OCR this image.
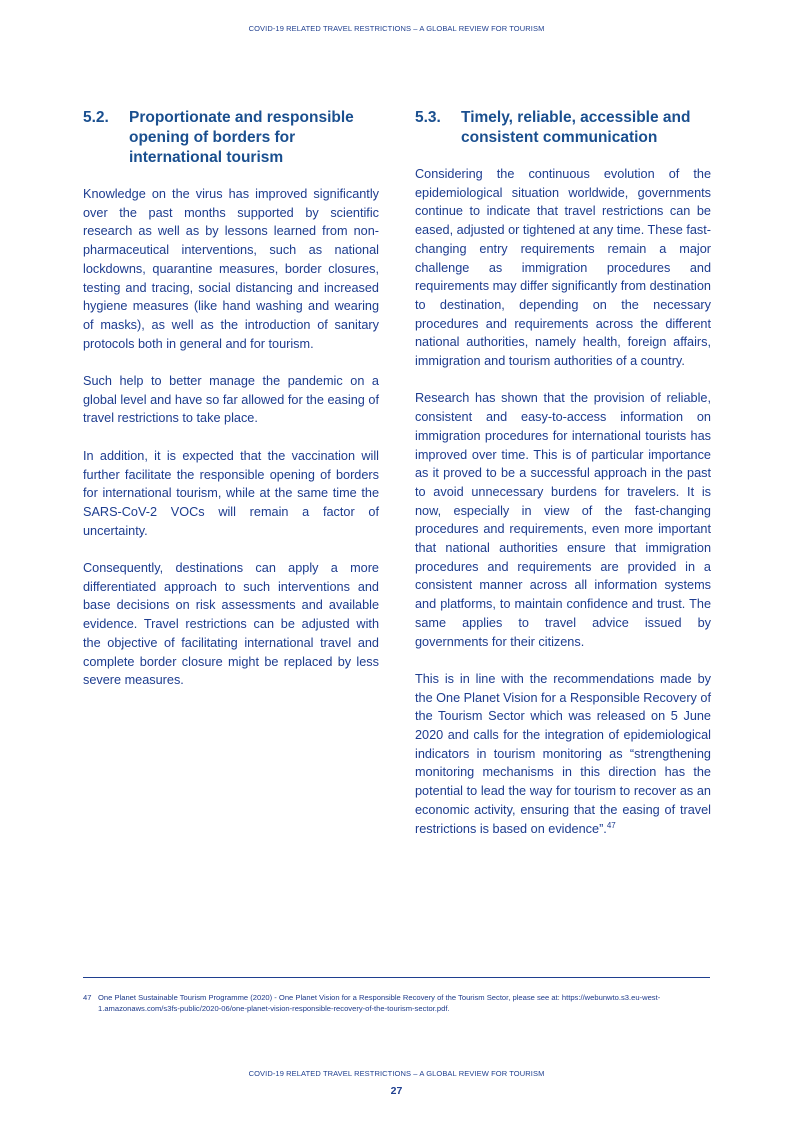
COVID-19 RELATED TRAVEL RESTRICTIONS – A GLOBAL REVIEW FOR TOURISM
5.2.	Proportionate and responsible opening of borders for international tourism

Knowledge on the virus has improved significantly over the past months supported by scientific research as well as by lessons learned from non-pharmaceutical interventions, such as national lockdowns, quarantine measures, border closures, testing and tracing, social distancing and increased hygiene measures (like hand washing and wearing of masks), as well as the introduction of sanitary protocols both in general and for tourism.

Such help to better manage the pandemic on a global level and have so far allowed for the easing of travel restrictions to take place.

In addition, it is expected that the vaccination will further facilitate the responsible opening of borders for international tourism, while at the same time the SARS-CoV-2 VOCs will remain a factor of uncertainty.

Consequently, destinations can apply a more differentiated approach to such interventions and base decisions on risk assessments and available evidence. Travel restrictions can be adjusted with the objective of facilitating international travel and complete border closure might be replaced by less severe measures.

5.3.	Timely, reliable, accessible and consistent communication

Considering the continuous evolution of the epidemiological situation worldwide, governments continue to indicate that travel restrictions can be eased, adjusted or tightened at any time. These fast-changing entry requirements remain a major challenge as immigration procedures and requirements may differ significantly from destination to destination, depending on the necessary procedures and requirements across the different national authorities, namely health, foreign affairs, immigration and tourism authorities of a country.

Research has shown that the provision of reliable, consistent and easy-to-access information on immigration procedures for international tourists has improved over time. This is of particular importance as it proved to be a successful approach in the past to avoid unnecessary burdens for travelers. It is now, especially in view of the fast-changing procedures and requirements, even more important that national authorities ensure that immigration procedures and requirements are provided in a consistent manner across all information systems and platforms, to maintain confidence and trust. The same applies to travel advice issued by governments for their citizens.

This is in line with the recommendations made by the One Planet Vision for a Responsible Recovery of the Tourism Sector which was released on 5 June 2020 and calls for the integration of epidemiological indicators in tourism monitoring as “strengthening monitoring mechanisms in this direction has the potential to lead the way for tourism to recover as an economic activity, ensuring that the easing of travel restrictions is based on evidence”.$^{47}$

47 One Planet Sustainable Tourism Programme (2020) - One Planet Vision for a Responsible Recovery of the Tourism Sector, please see at: https://webunwto.s3.eu-west-1.amazonaws.com/s3fs-public/2020-06/one-planet-vision-responsible-recovery-of-the-tourism-sector.pdf.
COVID-19 RELATED TRAVEL RESTRICTIONS – A GLOBAL REVIEW FOR TOURISM
27
